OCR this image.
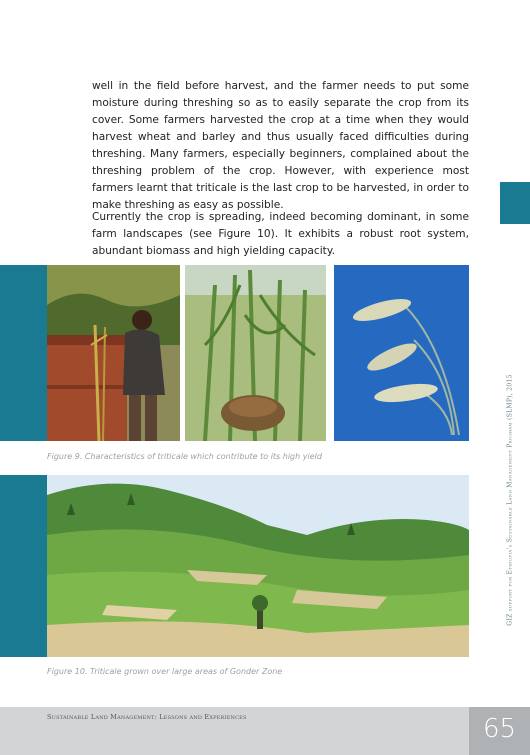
well in the field before harvest, and the farmer needs to put some moisture during threshing so as to easily separate the crop from its cover. Some farmers harvested the crop at a time when they would harvest wheat and barley and thus usually faced difficulties during threshing. Many farmers, especially beginners, complained about the threshing problem of the crop. However, with experience most farmers learnt that triticale is the last crop to be harvested, in order to make threshing as easy as possible.

Currently the crop is spreading, indeed becoming dominant, in some farm landscapes (see Figure 10). It exhibits a robust root system, abundant biomass and high yielding capacity.

GIZ support for Ethiopia's Sustainable Land Management Program (SLMP), 2015

Figure 9. Characteristics of triticale which contribute to its high yield

Figure 10. Triticale grown over large areas of Gonder Zone

Sustainable Land Management: Lessons and Experiences	65
